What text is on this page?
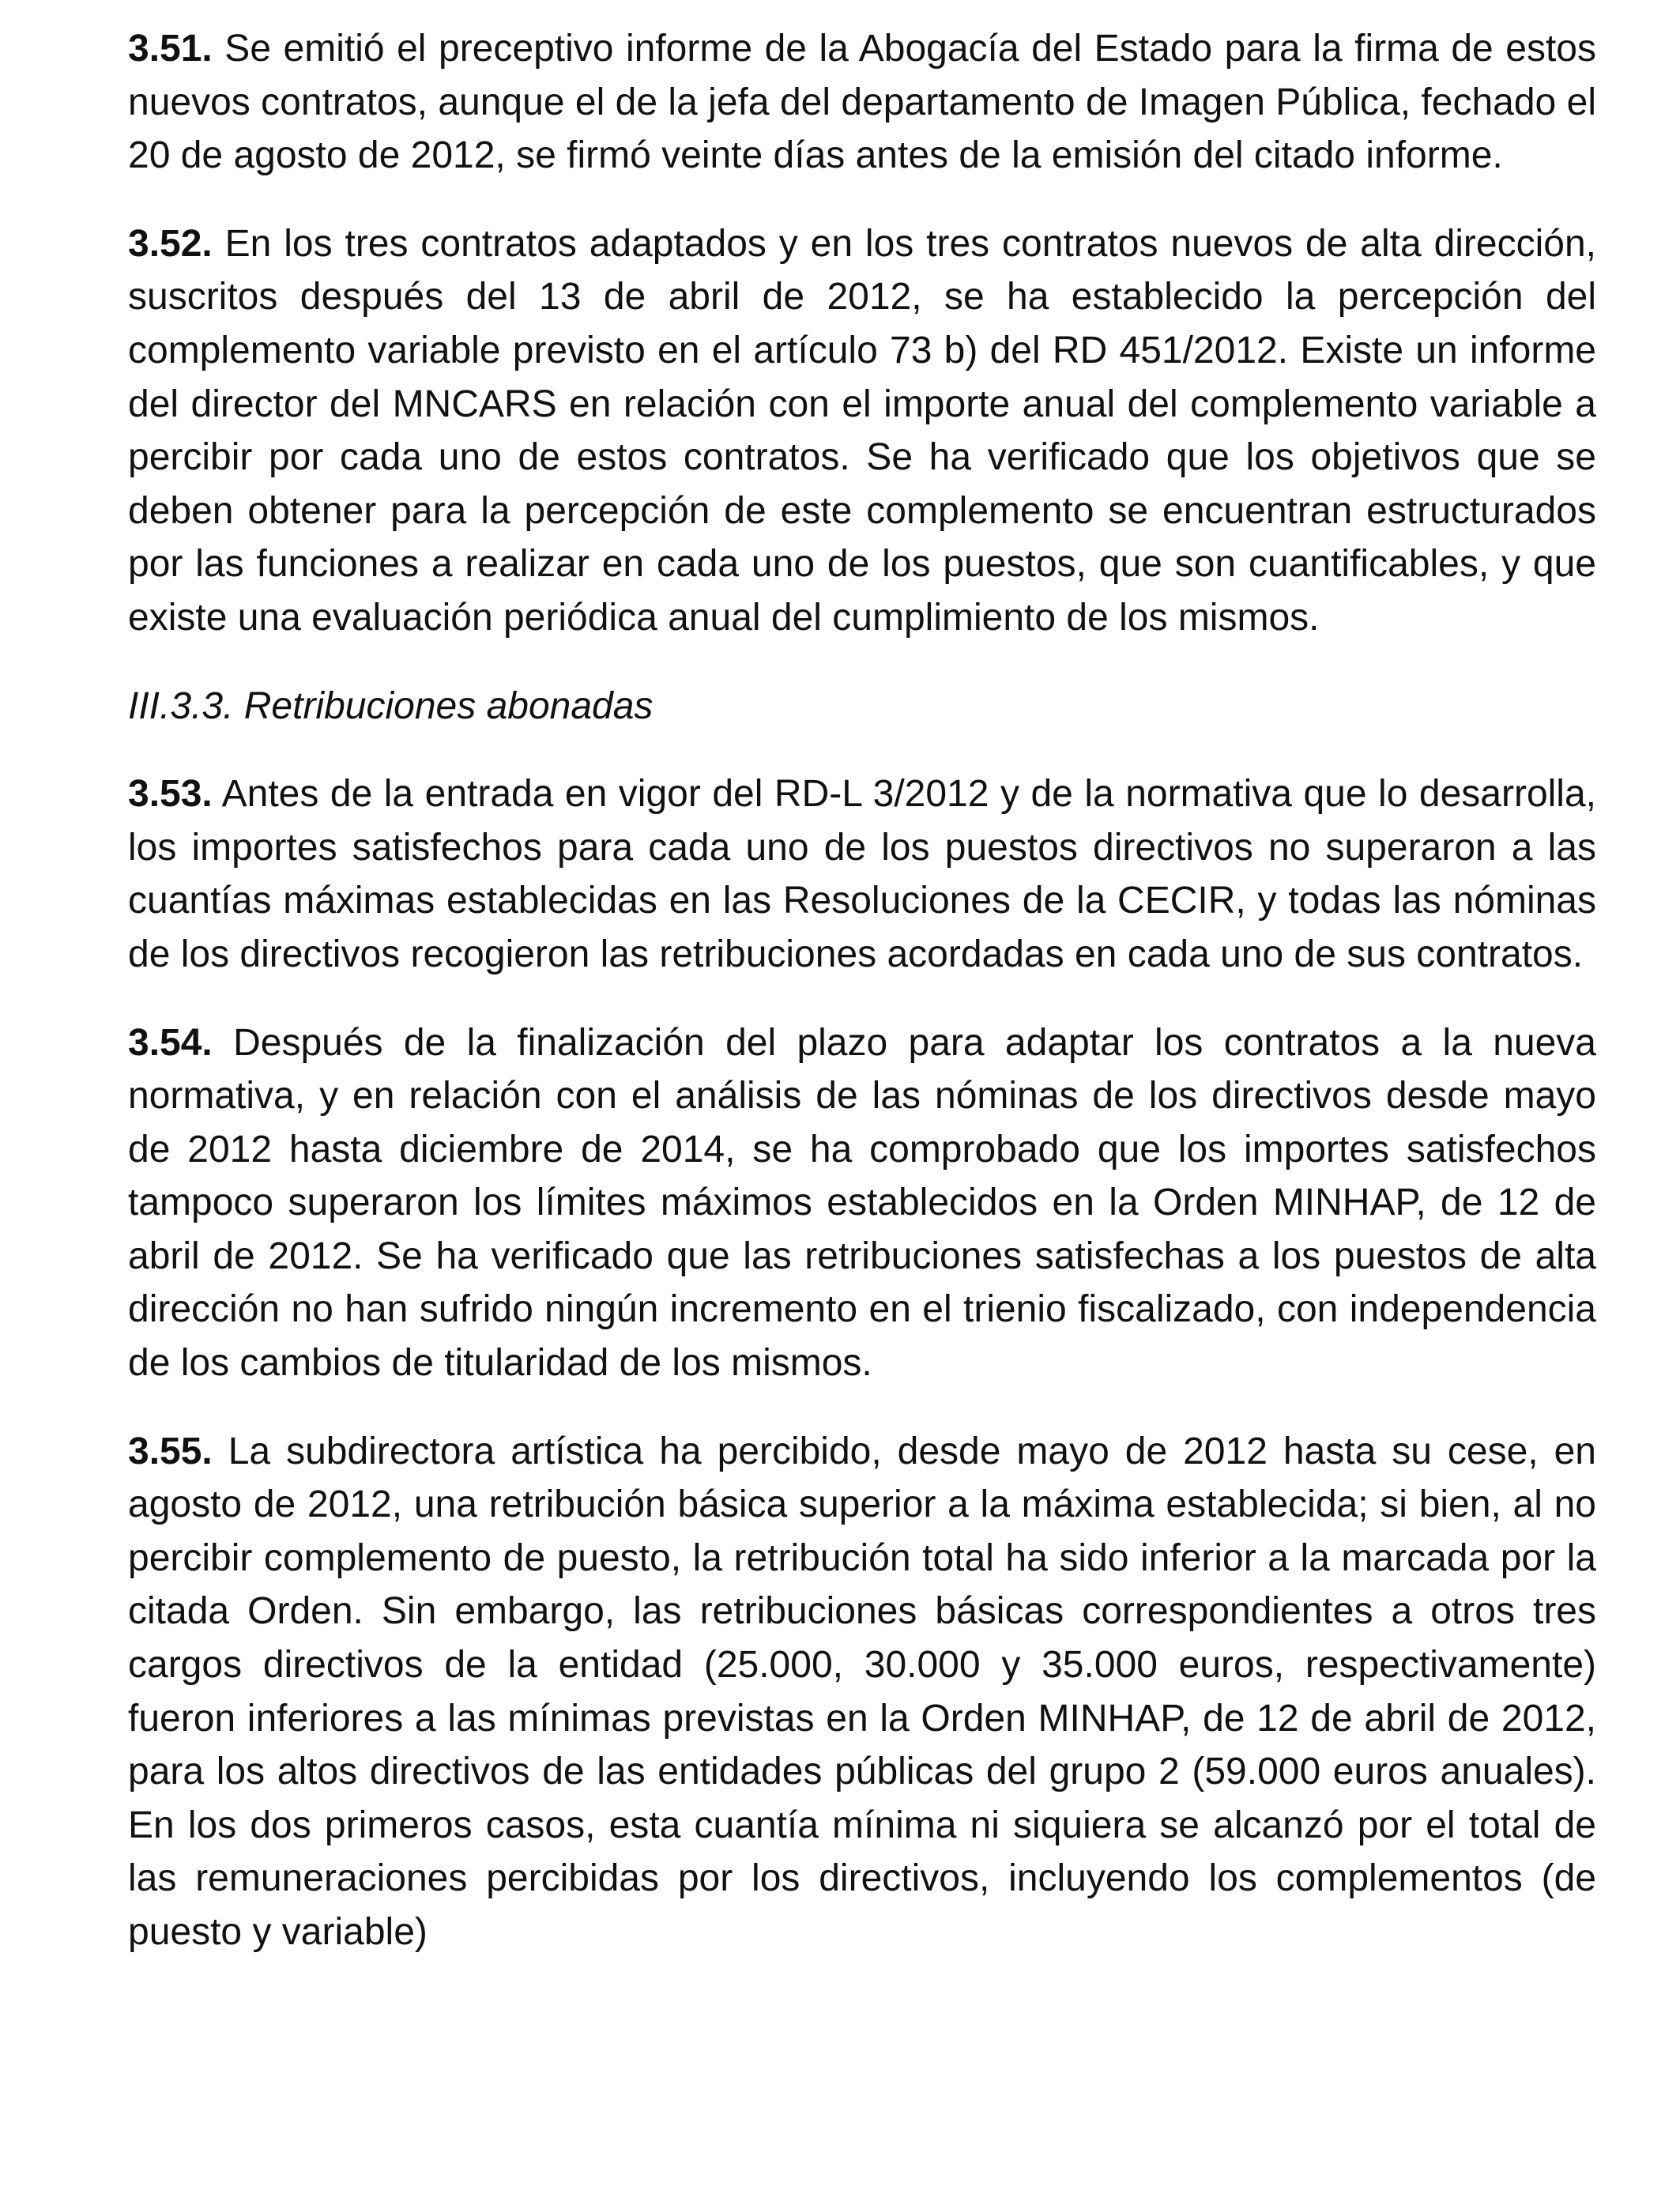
3.51. Se emitió el preceptivo informe de la Abogacía del Estado para la firma de estos nuevos contratos, aunque el de la jefa del departamento de Imagen Pública, fechado el 20 de agosto de 2012, se firmó veinte días antes de la emisión del citado informe.

3.52. En los tres contratos adaptados y en los tres contratos nuevos de alta dirección, suscritos después del 13 de abril de 2012, se ha establecido la percepción del complemento variable previsto en el artículo 73 b) del RD 451/2012. Existe un informe del director del MNCARS en relación con el importe anual del complemento variable a percibir por cada uno de estos contratos. Se ha verificado que los objetivos que se deben obtener para la percepción de este complemento se encuentran estructurados por las funciones a realizar en cada uno de los puestos, que son cuantificables, y que existe una evaluación periódica anual del cumplimiento de los mismos.

III.3.3. Retribuciones abonadas

3.53. Antes de la entrada en vigor del RD-L 3/2012 y de la normativa que lo desarrolla, los importes satisfechos para cada uno de los puestos directivos no superaron a las cuantías máximas establecidas en las Resoluciones de la CECIR, y todas las nóminas de los directivos recogieron las retribuciones acordadas en cada uno de sus contratos.

3.54. Después de la finalización del plazo para adaptar los contratos a la nueva normativa, y en relación con el análisis de las nóminas de los directivos desde mayo de 2012 hasta diciembre de 2014, se ha comprobado que los importes satisfechos tampoco superaron los límites máximos establecidos en la Orden MINHAP, de 12 de abril de 2012. Se ha verificado que las retribuciones satisfechas a los puestos de alta dirección no han sufrido ningún incremento en el trienio fiscalizado, con independencia de los cambios de titularidad de los mismos.

3.55. La subdirectora artística ha percibido, desde mayo de 2012 hasta su cese, en agosto de 2012, una retribución básica superior a la máxima establecida; si bien, al no percibir complemento de puesto, la retribución total ha sido inferior a la marcada por la citada Orden. Sin embargo, las retribuciones básicas correspondientes a otros tres cargos directivos de la entidad (25.000, 30.000 y 35.000 euros, respectivamente) fueron inferiores a las mínimas previstas en la Orden MINHAP, de 12 de abril de 2012, para los altos directivos de las entidades públicas del grupo 2 (59.000 euros anuales). En los dos primeros casos, esta cuantía mínima ni siquiera se alcanzó por el total de las remuneraciones percibidas por los directivos, incluyendo los complementos (de puesto y variable)
